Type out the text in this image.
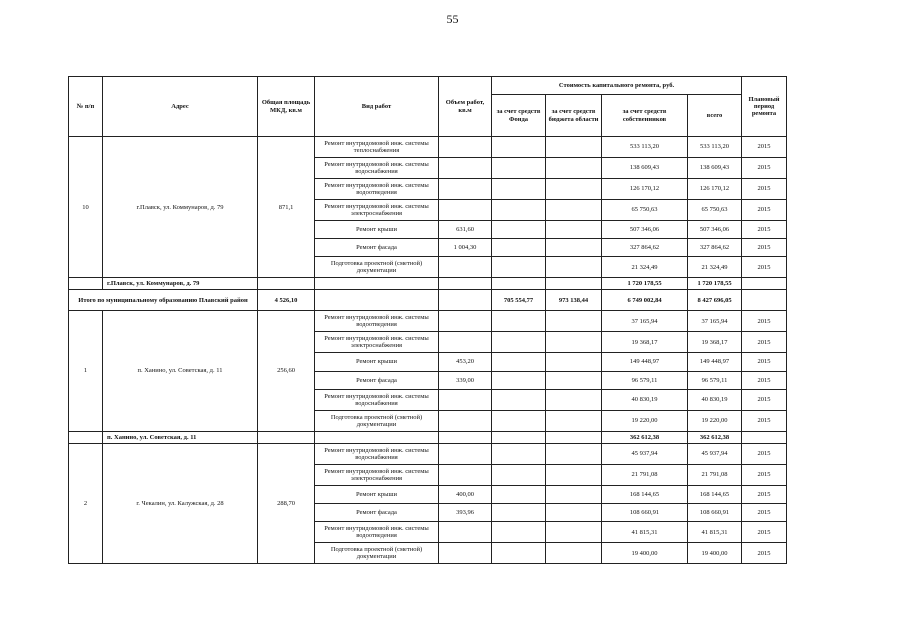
55
№ п/п	Адрес	Общая площадь МКД, кв.м	Вид работ	Объем работ, кв.м	Стоимость капитального ремонта, руб.				Плановый период ремонта
					за счет средств Фонда	за счет средств бюджета области	за счет средств собственников	всего	
10	г.Плавск, ул. Коммунаров, д. 79	871,1	Ремонт внутридомовой инж. системы теплоснабжения				533 113,20	533 113,20	2015
			Ремонт внутридомовой инж. системы водоснабжения				138 609,43	138 609,43	2015
			Ремонт внутридомовой инж. системы водоотведения				126 170,12	126 170,12	2015
			Ремонт внутридомовой инж. системы электроснабжения				65 750,63	65 750,63	2015
			Ремонт крыши	631,60			507 346,06	507 346,06	2015
			Ремонт фасада	1 004,30			327 864,62	327 864,62	2015
			Подготовка проектной (сметной) документации				21 324,49	21 324,49	2015
	г.Плавск, ул. Коммунаров, д. 79						1 720 178,55	1 720 178,55	
Итого по муниципальному образованию Плавский район		4 526,10			705 554,77	973 138,44	6 749 002,84	8 427 696,05	
1	п. Ханино, ул. Советская, д. 11	256,60	Ремонт внутридомовой инж. системы водоотведения				37 165,94	37 165,94	2015
			Ремонт внутридомовой инж. системы электроснабжения				19 368,17	19 368,17	2015
			Ремонт крыши	453,20			149 448,97	149 448,97	2015
			Ремонт фасада	339,00			96 579,11	96 579,11	2015
			Ремонт внутридомовой инж. системы водоснабжения				40 830,19	40 830,19	2015
			Подготовка проектной (сметной) документации				19 220,00	19 220,00	2015
	п. Ханино, ул. Советская, д. 11						362 612,38	362 612,38	
2	г. Чекалин, ул. Калужская, д. 28	288,70	Ремонт внутридомовой инж. системы водоснабжения				45 937,94	45 937,94	2015
			Ремонт внутридомовой инж. системы электроснабжения				21 791,08	21 791,08	2015
			Ремонт крыши	400,00			168 144,65	168 144,65	2015
			Ремонт фасада	393,96			108 660,91	108 660,91	2015
			Ремонт внутридомовой инж. системы водоотведения				41 815,31	41 815,31	2015
			Подготовка проектной (сметной) документации				19 400,00	19 400,00	2015
